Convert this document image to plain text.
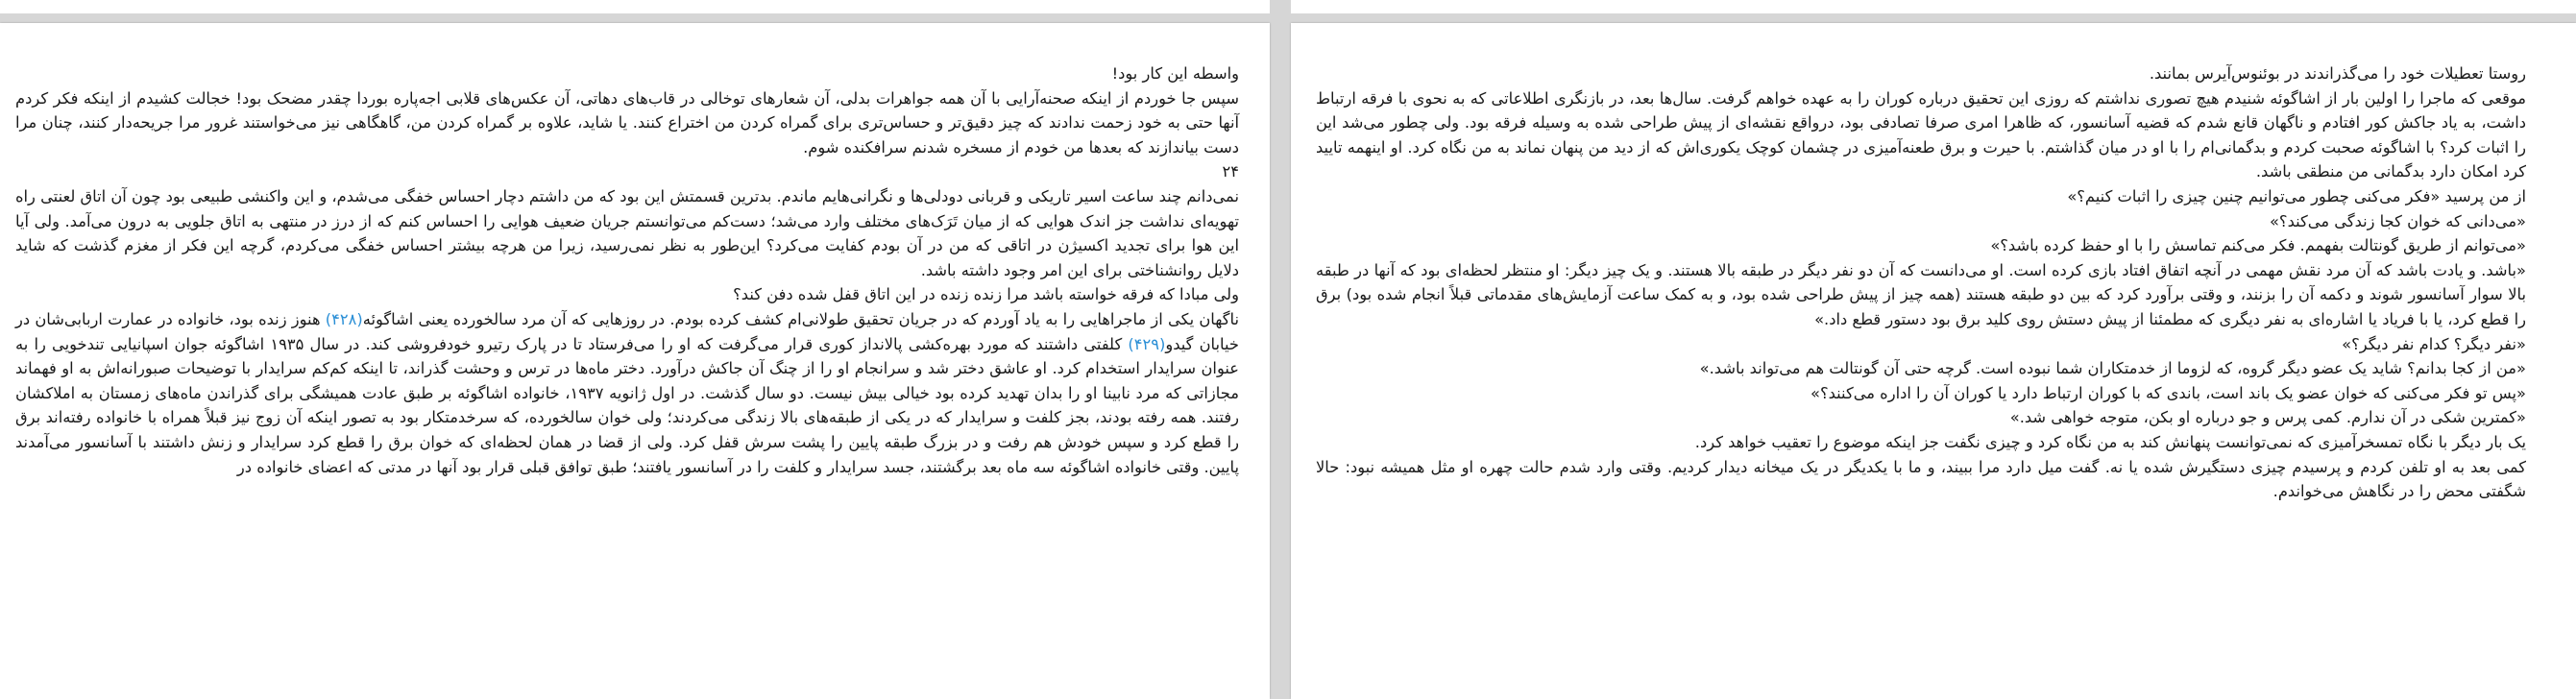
واسطه این کار بود!

سپس جا خوردم از اینکه صحنه‌آرایی با آن همه جواهرات بدلی، آن شعارهای توخالی در قاب‌های دهاتی، آن عکس‌های قلابی اجه‌پاره بوردا چقدر مضحک بود! خجالت کشیدم از اینکه فکر کردم آنها حتی به خود زحمت ندادند که چیز دقیق‌تر و حساس‌تری برای گمراه کردن من اختراع کنند. یا شاید، علاوه بر گمراه کردن من، گاهگاهی نیز می‌خواستند غرور مرا جریحه‌دار کنند، چنان مرا دست بیاندازند که بعدها من خودم از مسخره شدنم سرافکنده شوم.

۲۴

نمی‌دانم چند ساعت اسیر تاریکی و قربانی دودلی‌ها و نگرانی‌هایم ماندم. بدترین قسمتش این بود که من داشتم دچار احساس خفگی می‌شدم، و این واکنشی طبیعی بود چون آن اتاق لعنتی راه تهویه‌ای نداشت جز اندک هوایی که از میان تَرَک‌های مختلف وارد می‌شد؛ دست‌کم می‌توانستم جریان ضعیف هوایی را احساس کنم که از درز در منتهی به اتاق جلویی به درون می‌آمد. ولی آیا این هوا برای تجدید اکسیژن در اتاقی که من در آن بودم کفایت می‌کرد؟ این‌طور به نظر نمی‌رسید، زیرا من هرچه بیشتر احساس خفگی می‌کردم، گرچه این فکر از مغزم گذشت که شاید دلایل روانشناختی برای این امر وجود داشته باشد.

ولی مبادا که فرقه خواسته باشد مرا زنده زنده در این اتاق قفل شده دفن کند؟

ناگهان یکی از ماجراهایی را به یاد آوردم که در جریان تحقیق طولانی‌ام کشف کرده بودم. در روزهایی که آن مرد سالخورده یعنی اشاگوئه(۴۲۸) هنوز زنده بود، خانواده در عمارت اربابی‌شان در خیابان گیدو(۴۲۹) کلفتی داشتند که مورد بهره‌کشی پالانداز کوری قرار می‌گرفت که او را می‌فرستاد تا در پارک رتیرو خودفروشی کند. در سال ۱۹۳۵ اشاگوئه جوان اسپانیایی تندخویی را به عنوان سرایدار استخدام کرد. او عاشق دختر شد و سرانجام او را از چنگ آن جاکش درآورد. دختر ماه‌ها در ترس و وحشت گذراند، تا اینکه کم‌کم سرایدار با توضیحات صبورانه‌اش به او فهماند مجازاتی که مرد نابینا او را بدان تهدید کرده بود خیالی بیش نیست. دو سال گذشت. در اول ژانویه ۱۹۳۷، خانواده اشاگوئه بر طبق عادت همیشگی برای گذراندن ماه‌های زمستان به املاکشان رفتند. همه رفته بودند، بجز کلفت و سرایدار که در یکی از طبقه‌های بالا زندگی می‌کردند؛ ولی خوان سالخورده، که سرخدمتکار بود به تصور اینکه آن زوج نیز قبلاً همراه با خانواده رفته‌اند برق را قطع کرد و سپس خودش هم رفت و در بزرگ طبقه پایین را پشت سرش قفل کرد. ولی از قضا در همان لحظه‌ای که خوان برق را قطع کرد سرایدار و زنش داشتند با آسانسور می‌آمدند پایین. وقتی خانواده اشاگوئه سه ماه بعد برگشتند، جسد سرایدار و کلفت را در آسانسور یافتند؛ طبق توافق قبلی قرار بود آنها در مدتی که اعضای خانواده در

روستا تعطیلات خود را می‌گذراندند در بوئنوس‌آیرس بمانند.

موقعی که ماجرا را اولین بار از اشاگوئه شنیدم هیچ تصوری نداشتم که روزی این تحقیق درباره کوران را به عهده خواهم گرفت. سال‌ها بعد، در بازنگری اطلاعاتی که به نحوی با فرقه ارتباط داشت، به یاد جاکش کور افتادم و ناگهان قانع شدم که قضیه آسانسور، که ظاهرا امری صرفا تصادفی بود، درواقع نقشه‌ای از پیش طراحی شده به وسیله فرقه بود. ولی چطور می‌شد این را اثبات کرد؟ با اشاگوئه صحبت کردم و بدگمانی‌ام را با او در میان گذاشتم. با حیرت و برق طعنه‌آمیزی در چشمان کوچک یکوری‌اش که از دید من پنهان نماند به من نگاه کرد. او اینهمه تایید کرد امکان دارد بدگمانی من منطقی باشد.

از من پرسید «فکر می‌کنی چطور می‌توانیم چنین چیزی را اثبات کنیم؟»

«می‌دانی که خوان کجا زندگی می‌کند؟»

«می‌توانم از طریق گونتالت بفهمم. فکر می‌کنم تماسش را با او حفظ کرده باشد؟»

«باشد. و یادت باشد که آن مرد نقش مهمی در آنچه اتفاق افتاد بازی کرده است. او می‌دانست که آن دو نفر دیگر در طبقه بالا هستند. و یک چیز دیگر: او منتظر لحظه‌ای بود که آنها در طبقه بالا سوار آسانسور شوند و دکمه آن را بزنند، و وقتی برآورد کرد که بین دو طبقه هستند (همه چیز از پیش طراحی شده بود، و به کمک ساعت آزمایش‌های مقدماتی قبلاً انجام شده بود) برق را قطع کرد، یا با فریاد یا اشاره‌ای به نفر دیگری که مطمئنا از پیش دستش روی کلید برق بود دستور قطع داد.»

«نفر دیگر؟ کدام نفر دیگر؟»

«من از کجا بدانم؟ شاید یک عضو دیگر گروه، که لزوما از خدمتکاران شما نبوده است. گرچه حتی آن گونتالت هم می‌تواند باشد.»

«پس تو فکر می‌کنی که خوان عضو یک باند است، باندی که با کوران ارتباط دارد یا کوران آن را اداره می‌کنند؟»

«کمترین شکی در آن ندارم. کمی پرس و جو درباره او بکن، متوجه خواهی شد.»

یک بار دیگر با نگاه تمسخرآمیزی که نمی‌توانست پنهانش کند به من نگاه کرد و چیزی نگفت جز اینکه موضوع را تعقیب خواهد کرد.

کمی بعد به او تلفن کردم و پرسیدم چیزی دستگیرش شده یا نه. گفت میل دارد مرا ببیند، و ما با یکدیگر در یک میخانه دیدار کردیم. وقتی وارد شدم حالت چهره او مثل همیشه نبود: حالا شگفتی محض را در نگاهش می‌خواندم.
